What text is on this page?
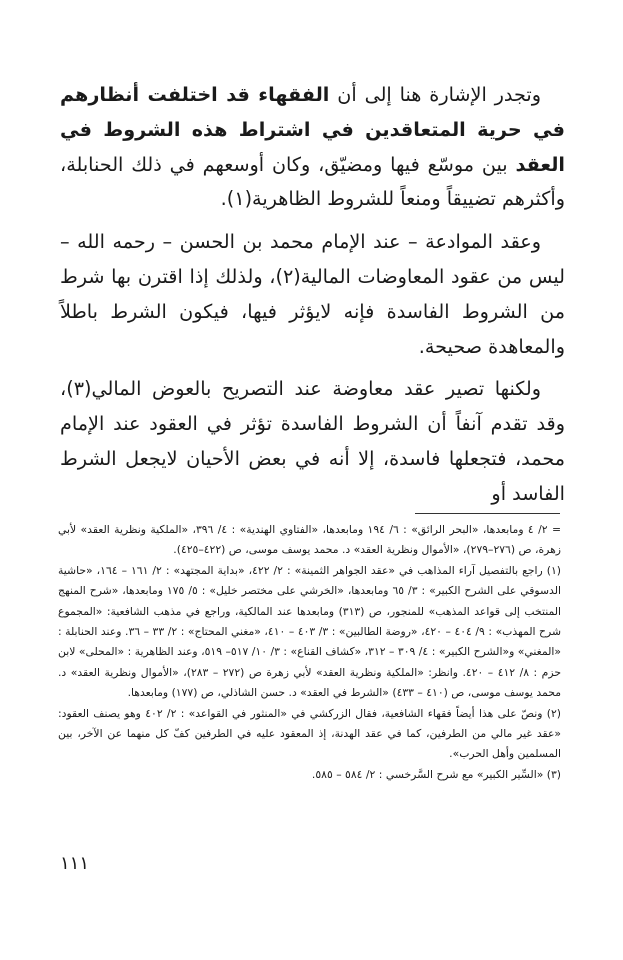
وتجدر الإشارة هنا إلى أن الفقهاء قد اختلفت أنظارهم في حرية المتعاقدين في اشتراط هذه الشروط في العقد بين موسّع فيها ومضيّق، وكان أوسعهم في ذلك الحنابلة، وأكثرهم تضييقاً ومنعاً للشروط الظاهرية(١).

وعقد الموادعة – عند الإمام محمد بن الحسن – رحمه الله – ليس من عقود المعاوضات المالية(٢)، ولذلك إذا اقترن بها شرط من الشروط الفاسدة فإنه لايؤثر فيها، فيكون الشرط باطلاً والمعاهدة صحيحة.

ولكنها تصير عقد معاوضة عند التصريح بالعوض المالي(٣)، وقد تقدم آنفاً أن الشروط الفاسدة تؤثر في العقود عند الإمام محمد، فتجعلها فاسدة، إلا أنه في بعض الأحيان لايجعل الشرط الفاسد أو

= ٢/ ٤ ومابعدها، «البحر الرائق» : ٦/ ١٩٤ ومابعدها، «الفتاوي الهندية» : ٤/ ٣٩٦، «الملكية ونظرية العقد» لأبي زهرة، ص (٢٧٦–٢٧٩)، «الأموال ونظرية العقد» د. محمد يوسف موسى، ص (٤٢٢–٤٢٥).

(١) راجع بالتفصيل آراء المذاهب في «عقد الجواهر الثمينة» : ٢/ ٤٢٢، «بداية المجتهد» : ٢/ ١٦١ – ١٦٤، «حاشية الدسوقي على الشرح الكبير» : ٣/ ٦٥ ومابعدها، «الخرشي على مختصر خليل» : ٥/ ١٧٥ ومابعدها، «شرح المنهج المنتخب إلى قواعد المذهب» للمنجور، ص (٣١٣) ومابعدها عند المالكية، وراجع في مذهب الشافعية: «المجموع شرح المهذب» : ٩/ ٤٠٤ – ٤٢٠، «روضة الطالبين» : ٣/ ٤٠٣ – ٤١٠، «مغني المحتاج» : ٢/ ٣٣ – ٣٦. وعند الحنابلة : «المغني» و«الشرح الكبير» : ٤/ ٣٠٩ – ٣١٢، «كشاف القناع» : ٣/ ١٠/ ٥١٧– ٥١٩، وعند الظاهرية : «المحلى» لابن حزم : ٨/ ٤١٢ – ٤٢٠. وانظر: «الملكية ونظرية العقد» لأبي زهرة ص (٢٧٢ – ٢٨٣)، «الأموال ونظرية العقد» د. محمد يوسف موسى، ص (٤١٠ – ٤٣٣) «الشرط في العقد» د. حسن الشاذلي، ص (١٧٧) ومابعدها.

(٢) ونصّ على هذا أيضاً فقهاء الشافعية، فقال الزركشي في «المنثور في القواعد» : ٢/ ٤٠٢ وهو يصنف العقود: «عقد غير مالي من الطرفين، كما في عقد الهدنة، إذ المعقود عليه في الطرفين كفّ كل منهما عن الآخر، بين المسلمين وأهل الحرب».

(٣) «السِّير الكبير» مع شرح السَّرخسي : ٢/ ٥٨٤ – ٥٨٥.

١١١
